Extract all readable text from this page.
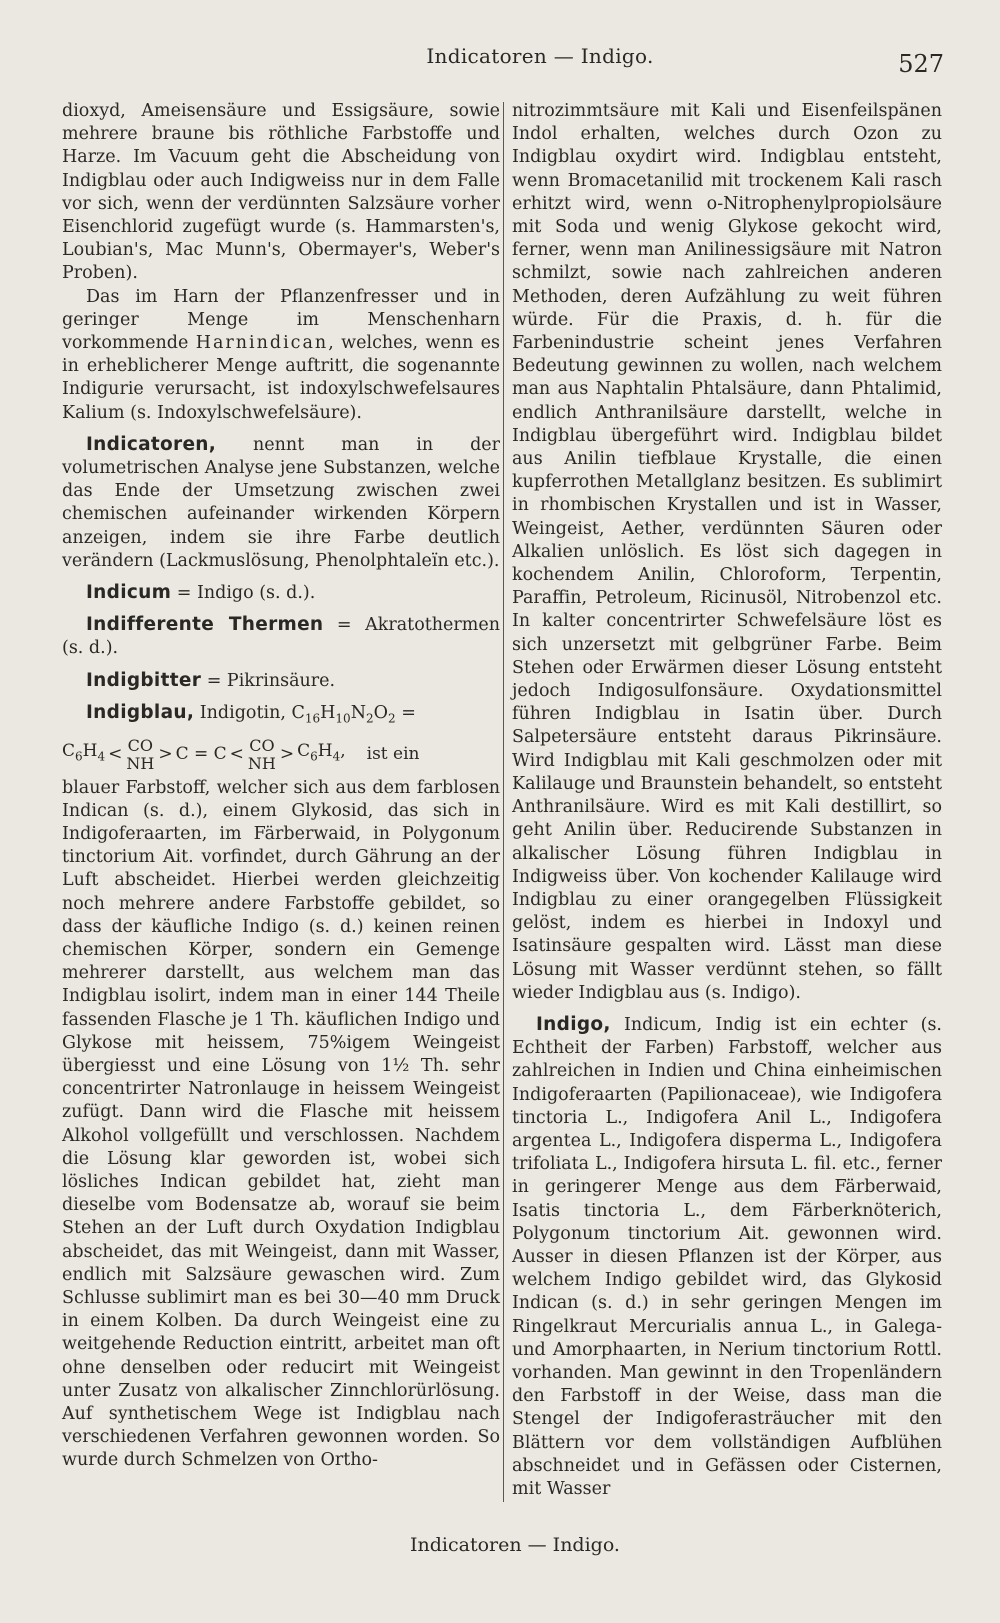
Indicatoren — Indigo.	527

dioxyd, Ameisensäure und Essigsäure, sowie mehrere braune bis röthliche Farbstoffe und Harze. Im Vacuum geht die Abscheidung von Indigblau oder auch Indigweiss nur in dem Falle vor sich, wenn der verdünnten Salzsäure vorher Eisenchlorid zugefügt wurde (s. Hammarsten's, Loubian's, Mac Munn's, Obermayer's, Weber's Proben).

Das im Harn der Pflanzenfresser und in geringer Menge im Menschenharn vorkommende Harnindican, welches, wenn es in erheblicherer Menge auftritt, die sogenannte Indigurie verursacht, ist indoxylschwefelsaures Kalium (s. Indoxylschwefelsäure).

Indicatoren, nennt man in der volumetrischen Analyse jene Substanzen, welche das Ende der Umsetzung zwischen zwei chemischen aufeinander wirkenden Körpern anzeigen, indem sie ihre Farbe deutlich verändern (Lackmuslösung, Phenolphtaleïn etc.).

Indicum = Indigo (s. d.).

Indifferente Thermen = Akratothermen (s. d.).

Indigbitter = Pikrinsäure.

Indigblau, Indigotin, $C_{16}H_{10}N_2O_2$ =

$C_6H_4$ < CO
NH > C = C < CO
NH > $C_6H_4$, ist ein

blauer Farbstoff, welcher sich aus dem farblosen Indican (s. d.), einem Glykosid, das sich in Indigoferaarten, im Färberwaid, in Polygonum tinctorium Ait. vorfindet, durch Gährung an der Luft abscheidet. Hierbei werden gleichzeitig noch mehrere andere Farbstoffe gebildet, so dass der käufliche Indigo (s. d.) keinen reinen chemischen Körper, sondern ein Gemenge mehrerer darstellt, aus welchem man das Indigblau isolirt, indem man in einer 144 Theile fassenden Flasche je 1 Th. käuflichen Indigo und Glykose mit heissem, 75%igem Weingeist übergiesst und eine Lösung von 1½ Th. sehr concentrirter Natronlauge in heissem Weingeist zufügt. Dann wird die Flasche mit heissem Alkohol vollgefüllt und verschlossen. Nachdem die Lösung klar geworden ist, wobei sich lösliches Indican gebildet hat, zieht man dieselbe vom Bodensatze ab, worauf sie beim Stehen an der Luft durch Oxydation Indigblau abscheidet, das mit Weingeist, dann mit Wasser, endlich mit Salzsäure gewaschen wird. Zum Schlusse sublimirt man es bei 30—40 mm Druck in einem Kolben. Da durch Weingeist eine zu weitgehende Reduction eintritt, arbeitet man oft ohne denselben oder reducirt mit Weingeist unter Zusatz von alkalischer Zinnchlorürlösung. Auf synthetischem Wege ist Indigblau nach verschiedenen Verfahren gewonnen worden. So wurde durch Schmelzen von Ortho-

nitrozimmtsäure mit Kali und Eisenfeilspänen Indol erhalten, welches durch Ozon zu Indigblau oxydirt wird. Indigblau entsteht, wenn Bromacetanilid mit trockenem Kali rasch erhitzt wird, wenn o-Nitrophenylpropiolsäure mit Soda und wenig Glykose gekocht wird, ferner, wenn man Anilinessigsäure mit Natron schmilzt, sowie nach zahlreichen anderen Methoden, deren Aufzählung zu weit führen würde. Für die Praxis, d. h. für die Farbenindustrie scheint jenes Verfahren Bedeutung gewinnen zu wollen, nach welchem man aus Naphtalin Phtalsäure, dann Phtalimid, endlich Anthranilsäure darstellt, welche in Indigblau übergeführt wird. Indigblau bildet aus Anilin tiefblaue Krystalle, die einen kupferrothen Metallglanz besitzen. Es sublimirt in rhombischen Krystallen und ist in Wasser, Weingeist, Aether, verdünnten Säuren oder Alkalien unlöslich. Es löst sich dagegen in kochendem Anilin, Chloroform, Terpentin, Paraffin, Petroleum, Ricinusöl, Nitrobenzol etc. In kalter concentrirter Schwefelsäure löst es sich unzersetzt mit gelbgrüner Farbe. Beim Stehen oder Erwärmen dieser Lösung entsteht jedoch Indigosulfonsäure. Oxydationsmittel führen Indigblau in Isatin über. Durch Salpetersäure entsteht daraus Pikrinsäure. Wird Indigblau mit Kali geschmolzen oder mit Kalilauge und Braunstein behandelt, so entsteht Anthranilsäure. Wird es mit Kali destillirt, so geht Anilin über. Reducirende Substanzen in alkalischer Lösung führen Indigblau in Indigweiss über. Von kochender Kalilauge wird Indigblau zu einer orangegelben Flüssigkeit gelöst, indem es hierbei in Indoxyl und Isatinsäure gespalten wird. Lässt man diese Lösung mit Wasser verdünnt stehen, so fällt wieder Indigblau aus (s. Indigo).

Indigo, Indicum, Indig ist ein echter (s. Echtheit der Farben) Farbstoff, welcher aus zahlreichen in Indien und China einheimischen Indigoferaarten (Papilionaceae), wie Indigofera tinctoria L., Indigofera Anil L., Indigofera argentea L., Indigofera disperma L., Indigofera trifoliata L., Indigofera hirsuta L. fil. etc., ferner in geringerer Menge aus dem Färberwaid, Isatis tinctoria L., dem Färberknöterich, Polygonum tinctorium Ait. gewonnen wird. Ausser in diesen Pflanzen ist der Körper, aus welchem Indigo gebildet wird, das Glykosid Indican (s. d.) in sehr geringen Mengen im Ringelkraut Mercurialis annua L., in Galega- und Amorphaarten, in Nerium tinctorium Rottl. vorhanden. Man gewinnt in den Tropenländern den Farbstoff in der Weise, dass man die Stengel der Indigoferasträucher mit den Blättern vor dem vollständigen Aufblühen abschneidet und in Gefässen oder Cisternen, mit Wasser

Indicatoren — Indigo.
